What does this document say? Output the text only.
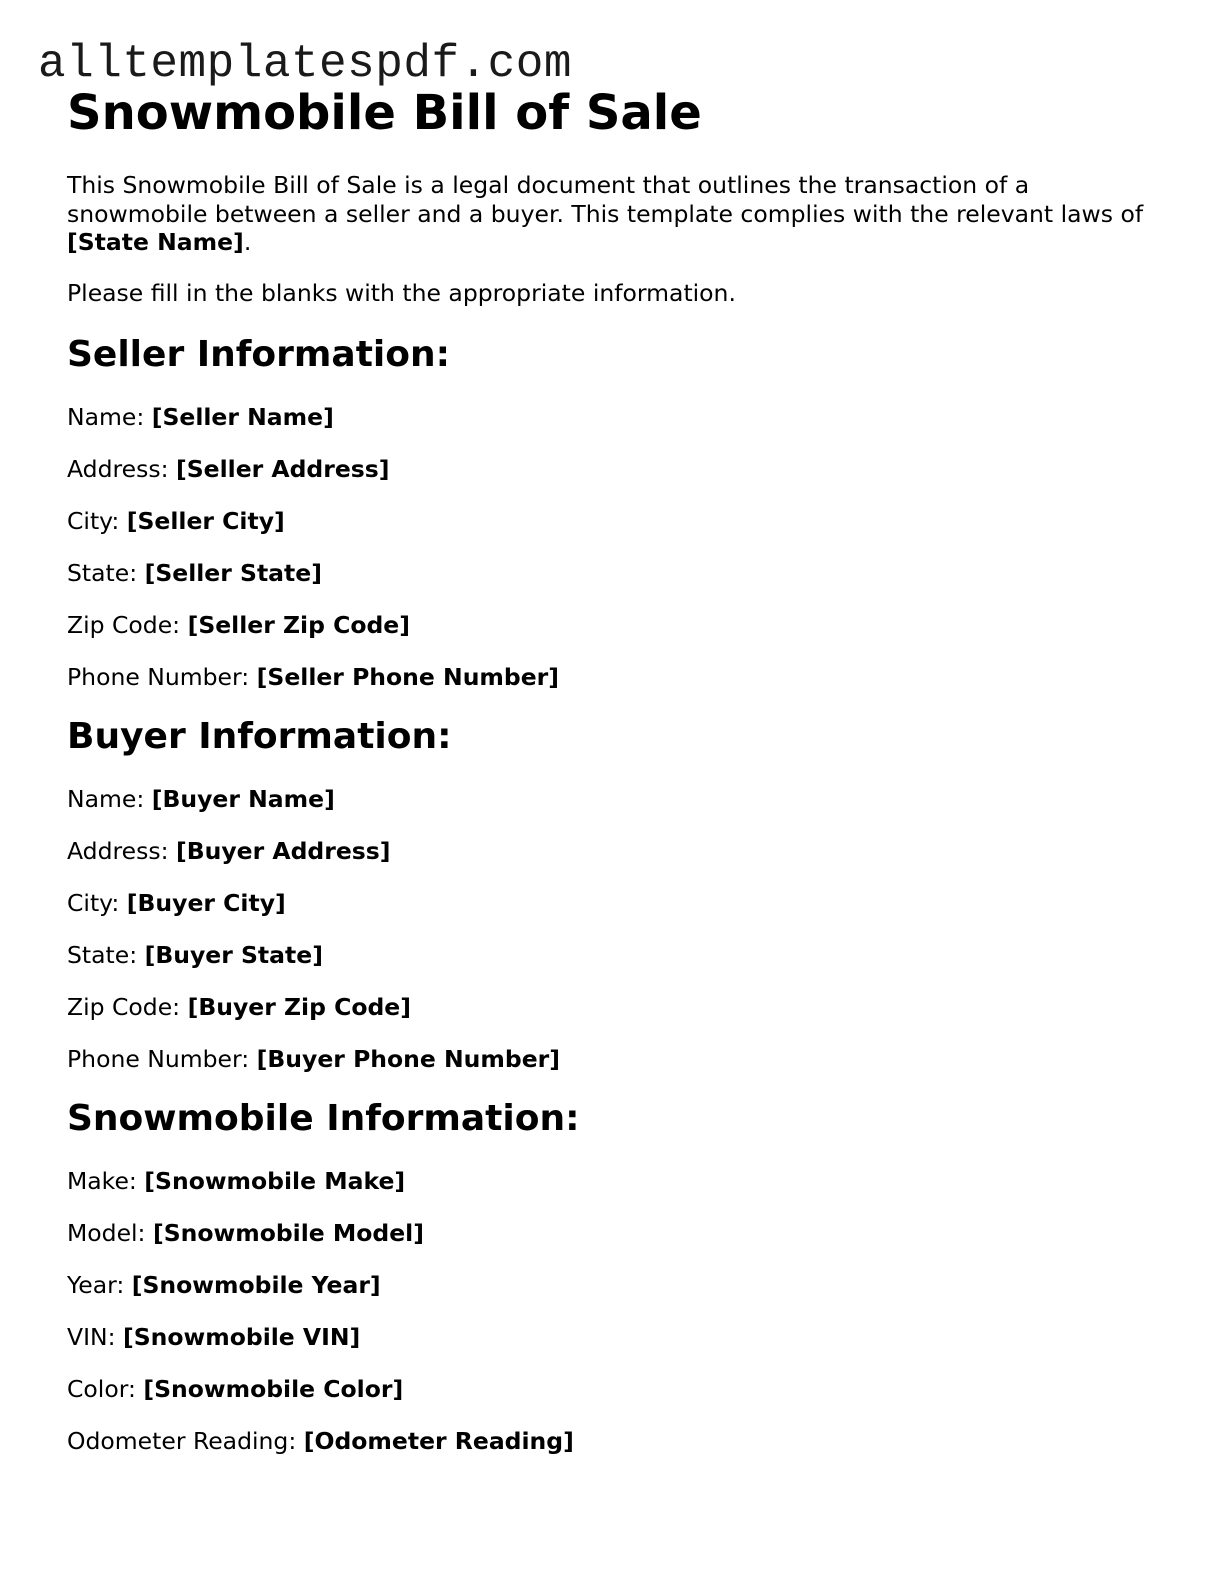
alltemplatespdf.com
Snowmobile Bill of Sale

This Snowmobile Bill of Sale is a legal document that outlines the transaction of a snowmobile between a seller and a buyer. This template complies with the relevant laws of [State Name].

Please fill in the blanks with the appropriate information.

Seller Information:
Name: [Seller Name]
Address: [Seller Address]
City: [Seller City]
State: [Seller State]
Zip Code: [Seller Zip Code]
Phone Number: [Seller Phone Number]
Buyer Information:
Name: [Buyer Name]
Address: [Buyer Address]
City: [Buyer City]
State: [Buyer State]
Zip Code: [Buyer Zip Code]
Phone Number: [Buyer Phone Number]
Snowmobile Information:
Make: [Snowmobile Make]
Model: [Snowmobile Model]
Year: [Snowmobile Year]
VIN: [Snowmobile VIN]
Color: [Snowmobile Color]
Odometer Reading: [Odometer Reading]
